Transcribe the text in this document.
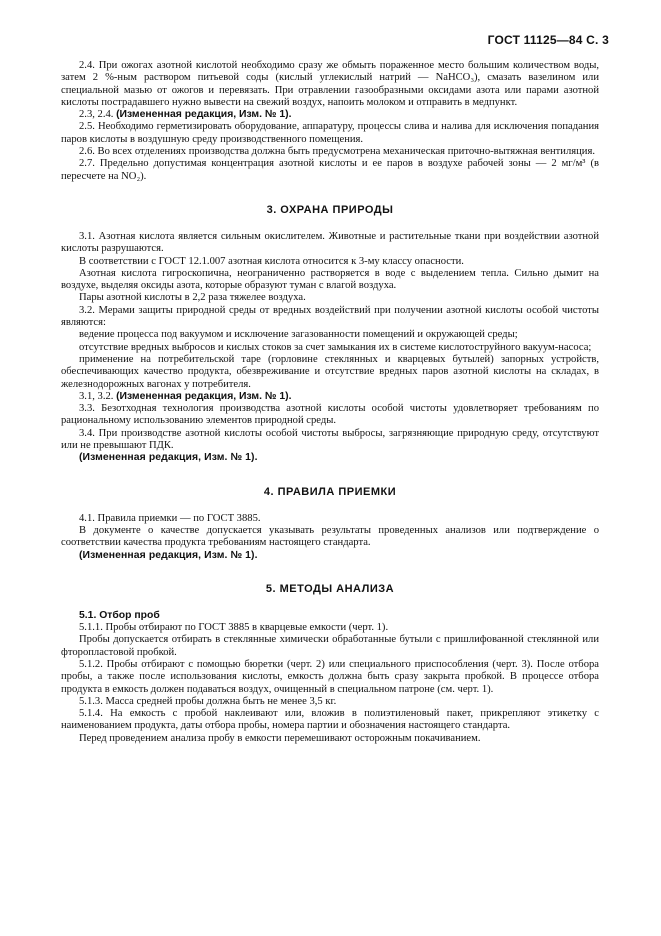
ГОСТ 11125—84 С. 3

2.4. При ожогах азотной кислотой необходимо сразу же обмыть пораженное место большим количеством воды, затем 2 %-ным раствором питьевой соды (кислый углекислый натрий — NaHCO₃), смазать вазелином или специальной мазью от ожогов и перевязать. При отравлении газообразными оксидами азота или парами азотной кислоты пострадавшего нужно вывести на свежий воздух, напоить молоком и отправить в медпункт.

2.3, 2.4. (Измененная редакция, Изм. № 1).

2.5. Необходимо герметизировать оборудование, аппаратуру, процессы слива и налива для исключения попадания паров кислоты в воздушную среду производственного помещения.

2.6. Во всех отделениях производства должна быть предусмотрена механическая приточно-вытяжная вентиляция.

2.7. Предельно допустимая концентрация азотной кислоты и ее паров в воздухе рабочей зоны — 2 мг/м³ (в пересчете на NO₂).

3. ОХРАНА ПРИРОДЫ

3.1. Азотная кислота является сильным окислителем. Животные и растительные ткани при воздействии азотной кислоты разрушаются.

В соответствии с ГОСТ 12.1.007 азотная кислота относится к 3-му классу опасности.

Азотная кислота гигроскопична, неограниченно растворяется в воде с выделением тепла. Сильно дымит на воздухе, выделяя оксиды азота, которые образуют туман с влагой воздуха.

Пары азотной кислоты в 2,2 раза тяжелее воздуха.

3.2. Мерами защиты природной среды от вредных воздействий при получении азотной кислоты особой чистоты являются:

ведение процесса под вакуумом и исключение загазованности помещений и окружающей среды;

отсутствие вредных выбросов и кислых стоков за счет замыкания их в системе кислотоструйного вакуум-насоса;

применение на потребительской таре (горловине стеклянных и кварцевых бутылей) запорных устройств, обеспечивающих качество продукта, обезвреживание и отсутствие вредных паров азотной кислоты на складах, в железнодорожных вагонах у потребителя.

3.1, 3.2. (Измененная редакция, Изм. № 1).

3.3. Безотходная технология производства азотной кислоты особой чистоты удовлетворяет требованиям по рациональному использованию элементов природной среды.

3.4. При производстве азотной кислоты особой чистоты выбросы, загрязняющие природную среду, отсутствуют или не превышают ПДК.

(Измененная редакция, Изм. № 1).

4. ПРАВИЛА ПРИЕМКИ

4.1. Правила приемки — по ГОСТ 3885.

В документе о качестве допускается указывать результаты проведенных анализов или подтверждение о соответствии качества продукта требованиям настоящего стандарта.

(Измененная редакция, Изм. № 1).

5. МЕТОДЫ АНАЛИЗА

5.1. Отбор проб

5.1.1. Пробы отбирают по ГОСТ 3885 в кварцевые емкости (черт. 1).

Пробы допускается отбирать в стеклянные химически обработанные бутыли с пришлифованной стеклянной или фторопластовой пробкой.

5.1.2. Пробы отбирают с помощью бюретки (черт. 2) или специального приспособления (черт. 3). После отбора пробы, а также после использования кислоты, емкость должна быть сразу закрыта пробкой. В процессе отбора продукта в емкость должен подаваться воздух, очищенный в специальном патроне (см. черт. 1).

5.1.3. Масса средней пробы должна быть не менее 3,5 кг.

5.1.4. На емкость с пробой наклеивают или, вложив в полиэтиленовый пакет, прикрепляют этикетку с наименованием продукта, даты отбора пробы, номера партии и обозначения настоящего стандарта.

Перед проведением анализа пробу в емкости перемешивают осторожным покачиванием.
